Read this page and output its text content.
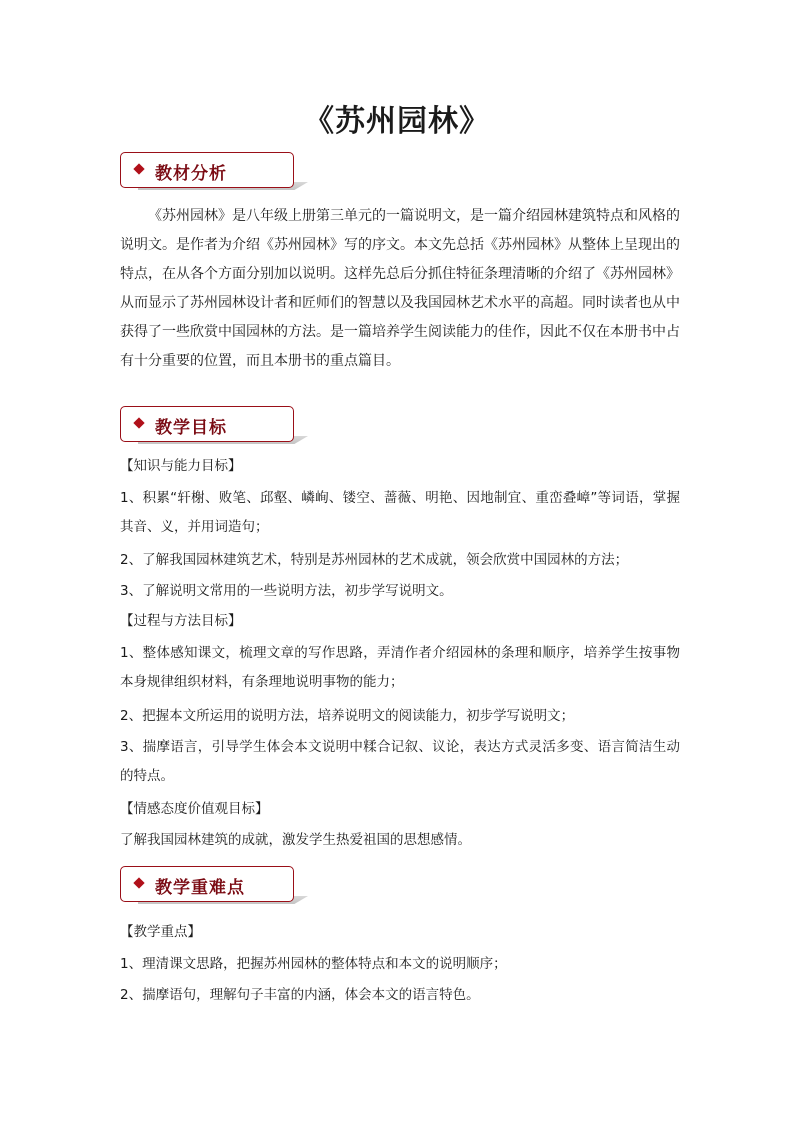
《苏州园林》
教材分析

《苏州园林》是八年级上册第三单元的一篇说明文，是一篇介绍园林建筑特点和风格的说明文。是作者为介绍《苏州园林》写的序文。本文先总括《苏州园林》从整体上呈现出的特点，在从各个方面分别加以说明。这样先总后分抓住特征条理清晰的介绍了《苏州园林》从而显示了苏州园林设计者和匠师们的智慧以及我国园林艺术水平的高超。同时读者也从中获得了一些欣赏中国园林的方法。是一篇培养学生阅读能力的佳作，因此不仅在本册书中占有十分重要的位置，而且本册书的重点篇目。

教学目标

【知识与能力目标】

1、积累“轩榭、败笔、邱壑、嶙峋、镂空、蔷薇、明艳、因地制宜、重峦叠嶂”等词语，掌握其音、义，并用词造句；

2、了解我国园林建筑艺术，特别是苏州园林的艺术成就，领会欣赏中国园林的方法；

3、了解说明文常用的一些说明方法，初步学写说明文。

【过程与方法目标】

1、整体感知课文，梳理文章的写作思路，弄清作者介绍园林的条理和顺序，培养学生按事物本身规律组织材料，有条理地说明事物的能力；

2、把握本文所运用的说明方法，培养说明文的阅读能力，初步学写说明文；

3、揣摩语言，引导学生体会本文说明中糅合记叙、议论，表达方式灵活多变、语言简洁生动的特点。

【情感态度价值观目标】

了解我国园林建筑的成就，激发学生热爱祖国的思想感情。

教学重难点

【教学重点】

1、理清课文思路，把握苏州园林的整体特点和本文的说明顺序；

2、揣摩语句，理解句子丰富的内涵，体会本文的语言特色。
